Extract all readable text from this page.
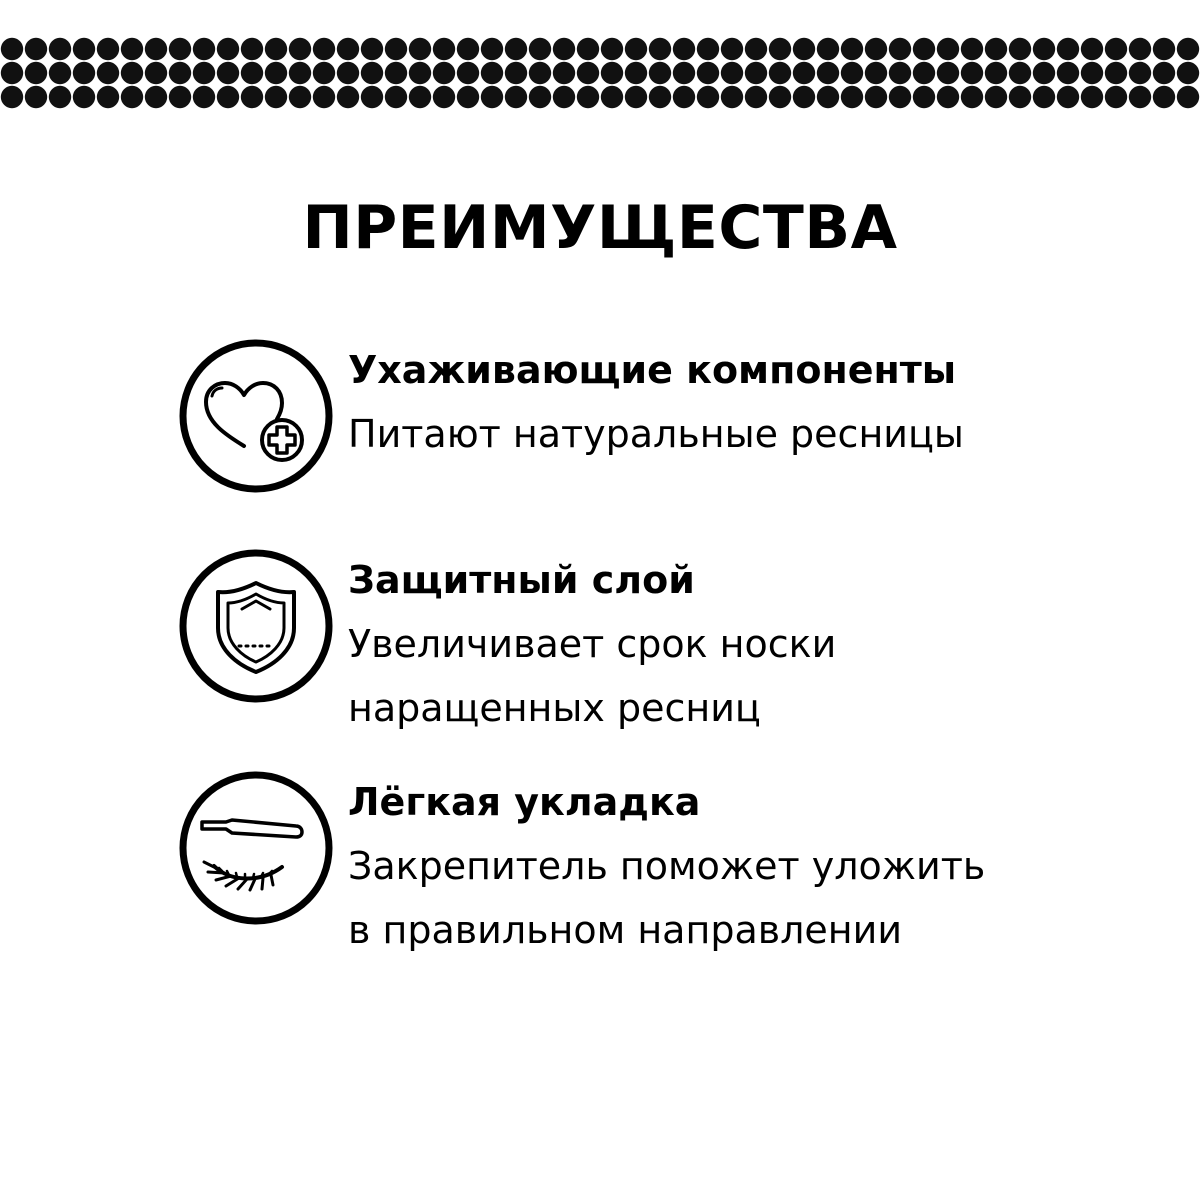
ПРЕИМУЩЕСТВА
Ухаживающие компоненты
Питают натуральные ресницы
Защитный слой
Увеличивает срок носки
наращенных ресниц
Лёгкая укладка
Закрепитель поможет уложить
в правильном направлении
